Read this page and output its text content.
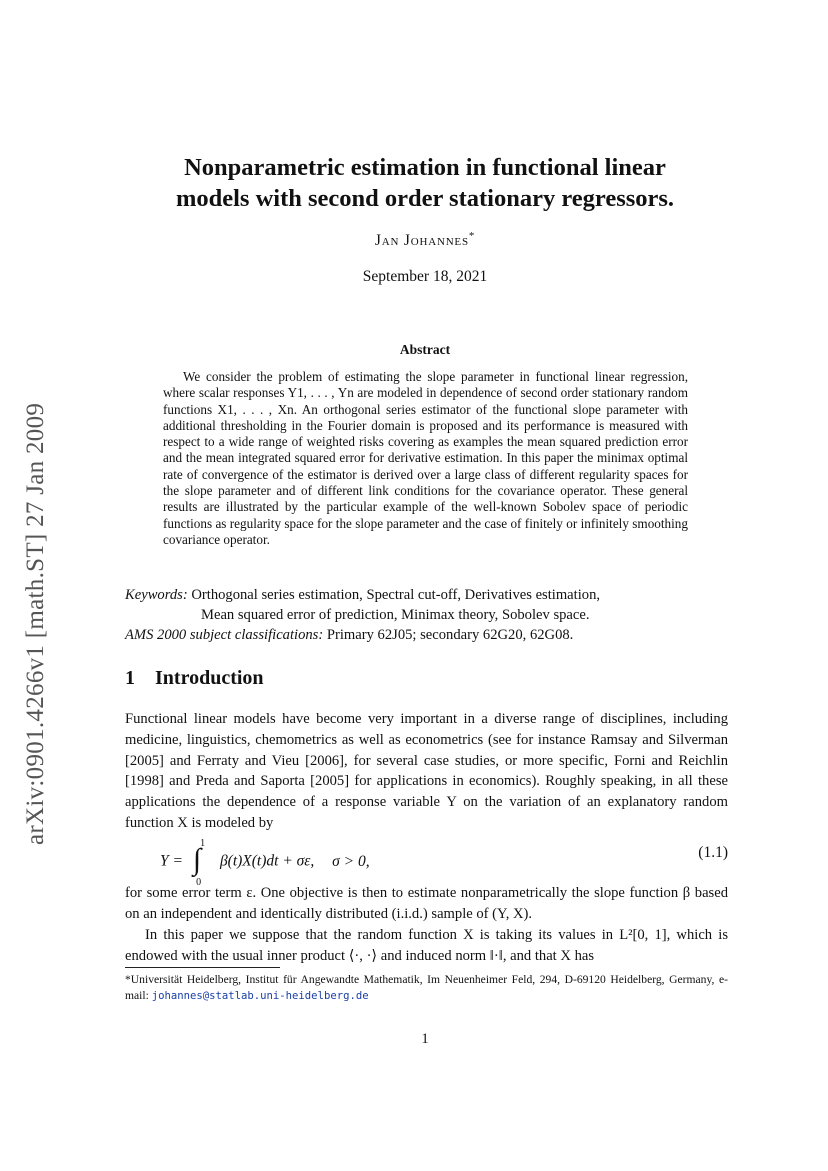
arXiv:0901.4266v1 [math.ST] 27 Jan 2009
Nonparametric estimation in functional linear
models with second order stationary regressors.
Jan Johannes*
September 18, 2021
Abstract

We consider the problem of estimating the slope parameter in functional linear regression, where scalar responses Y1, . . . , Yn are modeled in dependence of second order stationary random functions X1, . . . , Xn. An orthogonal series estimator of the functional slope parameter with additional thresholding in the Fourier domain is proposed and its performance is measured with respect to a wide range of weighted risks covering as examples the mean squared prediction error and the mean integrated squared error for derivative estimation. In this paper the minimax optimal rate of convergence of the estimator is derived over a large class of different regularity spaces for the slope parameter and of different link conditions for the covariance operator. These general results are illustrated by the particular example of the well-known Sobolev space of periodic functions as regularity space for the slope parameter and the case of finitely or infinitely smoothing covariance operator.

Keywords: Orthogonal series estimation, Spectral cut-off, Derivatives estimation,
Mean squared error of prediction, Minimax theory, Sobolev space.
AMS 2000 subject classifications: Primary 62J05; secondary 62G20, 62G08.
1 Introduction

Functional linear models have become very important in a diverse range of disciplines, including medicine, linguistics, chemometrics as well as econometrics (see for instance Ramsay and Silverman [2005] and Ferraty and Vieu [2006], for several case studies, or more specific, Forni and Reichlin [1998] and Preda and Saporta [2005] for applications in economics). Roughly speaking, in all these applications the dependence of a response variable Y on the variation of an explanatory random function X is modeled by

Y = ∫ 1
0
β(t)X(t)dt + σε, σ > 0,
(1.1)

for some error term ε. One objective is then to estimate nonparametrically the slope function β based on an independent and identically distributed (i.i.d.) sample of (Y, X).

In this paper we suppose that the random function X is taking its values in L²[0, 1], which is endowed with the usual inner product ⟨·, ·⟩ and induced norm ‖·‖, and that X has

*Universität Heidelberg, Institut für Angewandte Mathematik, Im Neuenheimer Feld, 294, D-69120 Heidelberg, Germany, e-mail: johannes@statlab.uni-heidelberg.de

1
